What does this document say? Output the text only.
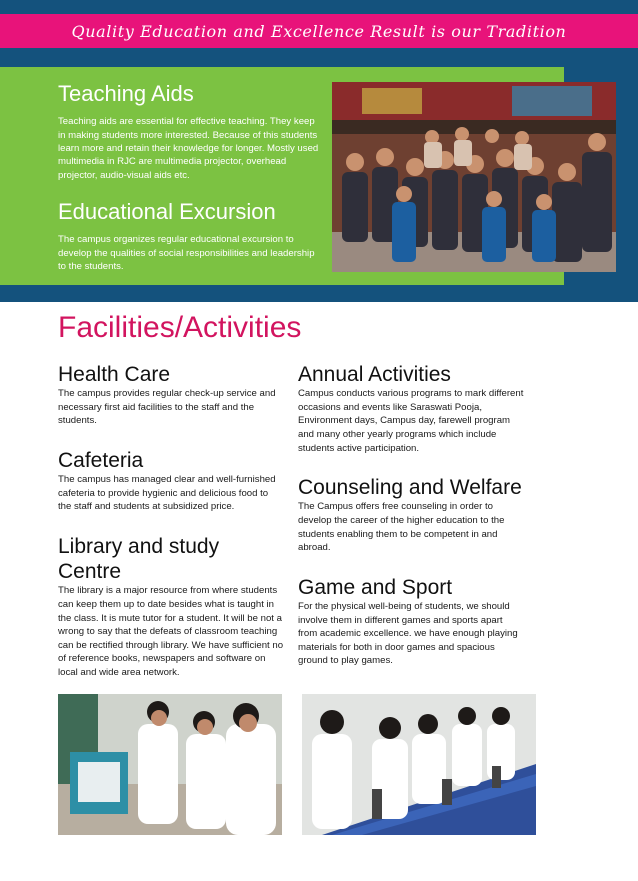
Quality Education and Excellence Result is our Tradition
Teaching Aids

Teaching aids are essential for effective teaching. They keep in making students more interested. Because of this students learn more and retain their knowledge for longer. Mostly used multimedia in RJC are multimedia projector, overhead projector, audio-visual aids etc.

Educational Excursion

The campus organizes regular educational excursion to develop the qualities of social responsibilities and leadership to the students.

Facilities/Activities
Health Care

The campus provides regular check-up service and necessary first aid facilities to the staff and the students.

Cafeteria

The campus has managed clear and well-furnished cafeteria to provide hygienic and delicious food to the staff and students at subsidized price.

Library and study Centre

The library is a major resource from where students can keep them up to date besides what is taught in the class. It is mute tutor for a student. It will be not a wrong to say that the defeats of classroom teaching can be rectified through library. We have sufficient no of reference books, newspapers and software on local and wide area network.

Annual Activities

Campus conducts various programs to mark different occasions and events like Saraswati Pooja, Environment days, Campus day, farewell program and many other yearly programs which include students active participation.

Counseling and Welfare

The Campus offers free counseling in order to develop the career of the higher education to the students enabling them to be competent in and abroad.

Game and Sport

For the physical well-being of students, we should involve them in different games and sports apart from academic excellence. we have enough playing materials for both in door games and spacious ground to play games.
